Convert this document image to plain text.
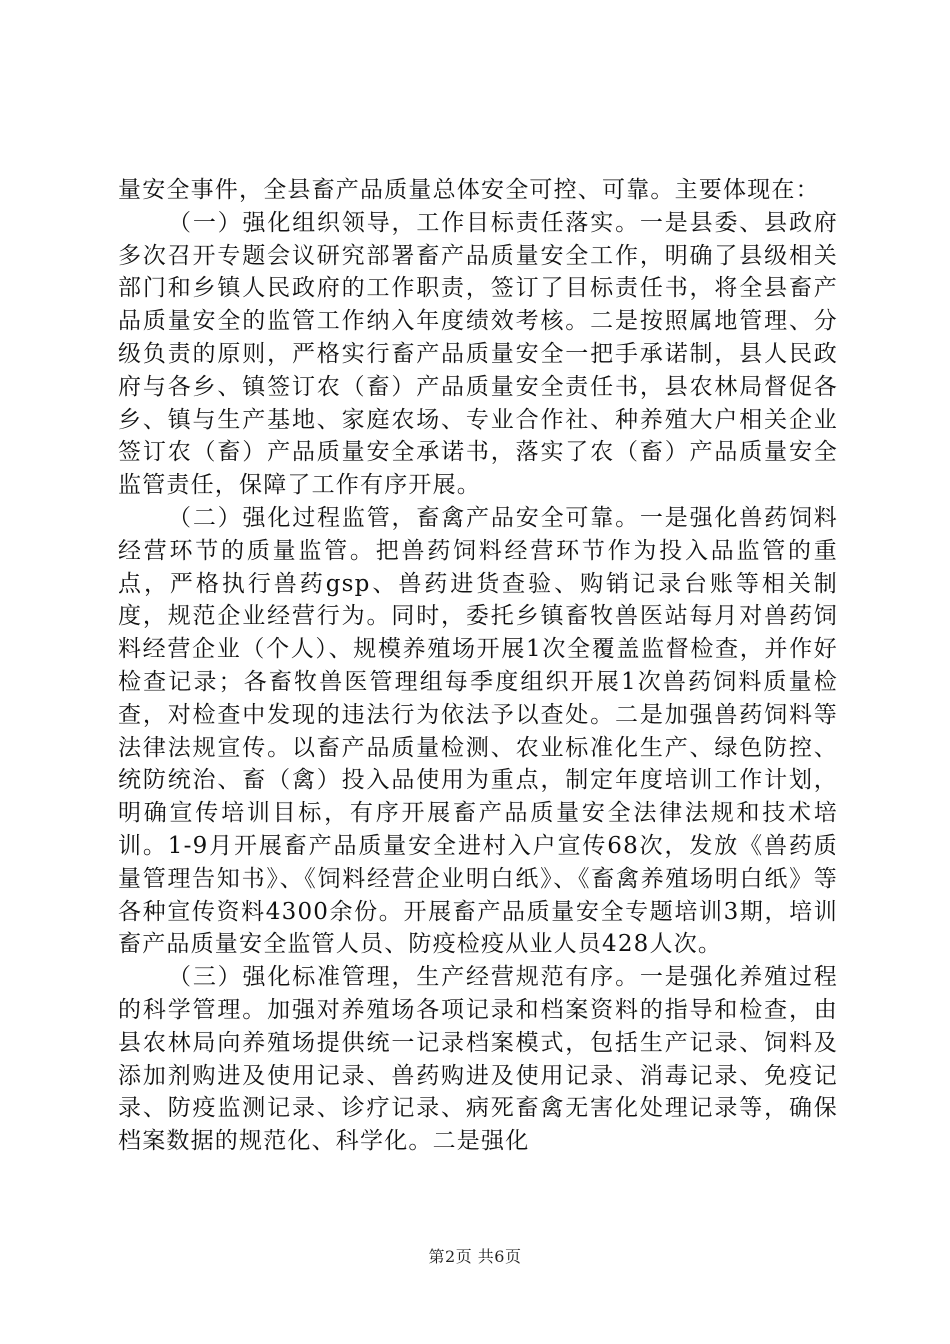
量安全事件，全县畜产品质量总体安全可控、可靠。主要体现在：

（一）强化组织领导，工作目标责任落实。一是县委、县政府多次召开专题会议研究部署畜产品质量安全工作，明确了县级相关部门和乡镇人民政府的工作职责，签订了目标责任书，将全县畜产品质量安全的监管工作纳入年度绩效考核。二是按照属地管理、分级负责的原则，严格实行畜产品质量安全一把手承诺制，县人民政府与各乡、镇签订农（畜）产品质量安全责任书，县农林局督促各乡、镇与生产基地、家庭农场、专业合作社、种养殖大户相关企业签订农（畜）产品质量安全承诺书，落实了农（畜）产品质量安全监管责任，保障了工作有序开展。

（二）强化过程监管，畜禽产品安全可靠。一是强化兽药饲料经营环节的质量监管。把兽药饲料经营环节作为投入品监管的重点，严格执行兽药gsp、兽药进货查验、购销记录台账等相关制度，规范企业经营行为。同时，委托乡镇畜牧兽医站每月对兽药饲料经营企业（个人）、规模养殖场开展1次全覆盖监督检查，并作好检查记录；各畜牧兽医管理组每季度组织开展1次兽药饲料质量检查，对检查中发现的违法行为依法予以查处。二是加强兽药饲料等法律法规宣传。以畜产品质量检测、农业标准化生产、绿色防控、统防统治、畜（禽）投入品使用为重点，制定年度培训工作计划，明确宣传培训目标，有序开展畜产品质量安全法律法规和技术培训。1-9月开展畜产品质量安全进村入户宣传68次，发放《兽药质量管理告知书》、《饲料经营企业明白纸》、《畜禽养殖场明白纸》等各种宣传资料4300余份。开展畜产品质量安全专题培训3期，培训畜产品质量安全监管人员、防疫检疫从业人员428人次。

（三）强化标准管理，生产经营规范有序。一是强化养殖过程的科学管理。加强对养殖场各项记录和档案资料的指导和检查，由县农林局向养殖场提供统一记录档案模式，包括生产记录、饲料及添加剂购进及使用记录、兽药购进及使用记录、消毒记录、免疫记录、防疫监测记录、诊疗记录、病死畜禽无害化处理记录等，确保档案数据的规范化、科学化。二是强化

第2页 共6页
